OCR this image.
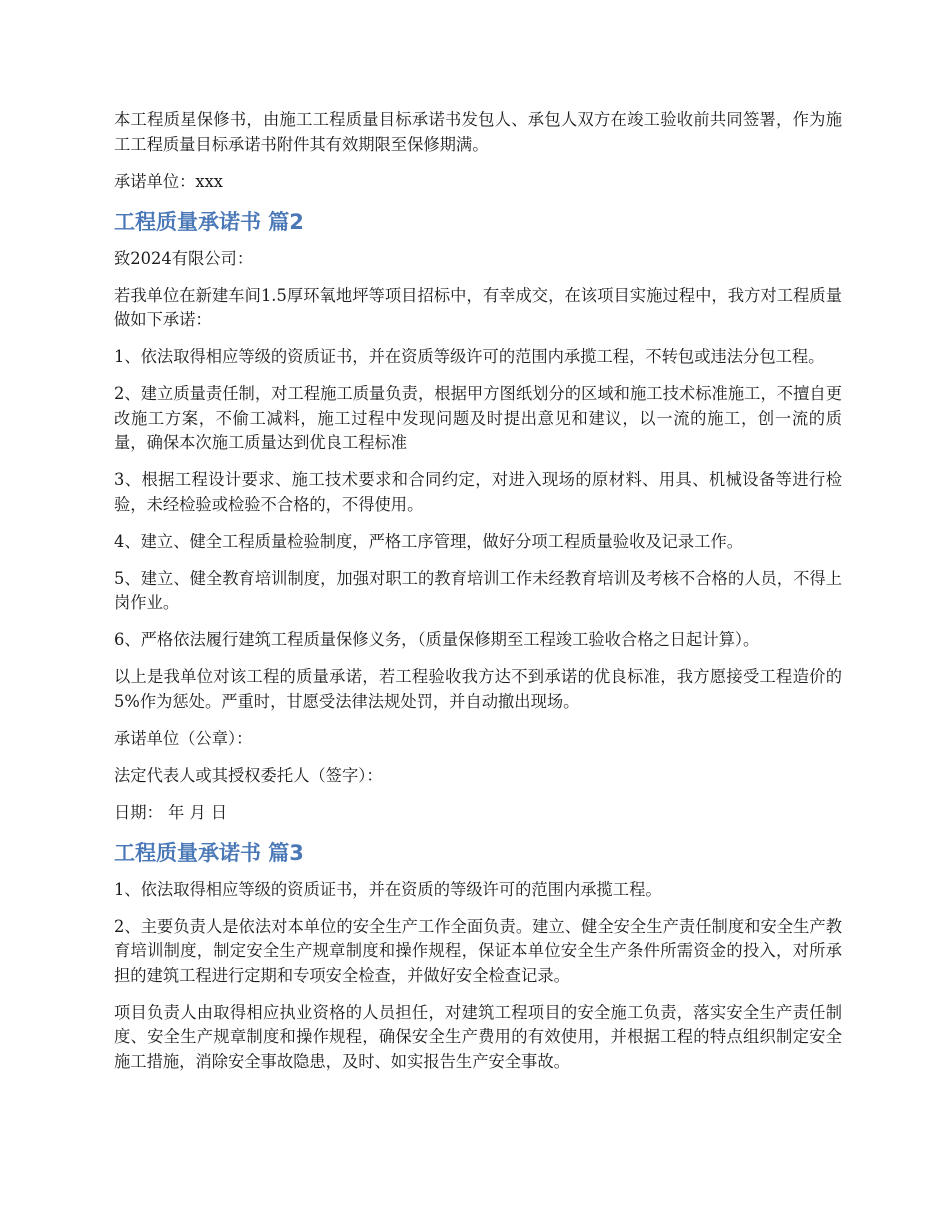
本工程质星保修书，由施工工程质量目标承诺书发包人、承包人双方在竣工验收前共同签署，作为施工工程质量目标承诺书附件其有效期限至保修期满。

承诺单位：xxx

工程质量承诺书 篇2

致2024有限公司：

若我单位在新建车间1.5厚环氧地坪等项目招标中，有幸成交，在该项目实施过程中，我方对工程质量做如下承诺：

1、依法取得相应等级的资质证书，并在资质等级许可的范围内承揽工程，不转包或违法分包工程。

2、建立质量责任制，对工程施工质量负责，根据甲方图纸划分的区域和施工技术标准施工，不擅自更改施工方案，不偷工减料，施工过程中发现问题及时提出意见和建议，以一流的施工，创一流的质量，确保本次施工质量达到优良工程标准

3、根据工程设计要求、施工技术要求和合同约定，对进入现场的原材料、用具、机械设备等进行检验，未经检验或检验不合格的，不得使用。

4、建立、健全工程质量检验制度，严格工序管理，做好分项工程质量验收及记录工作。

5、建立、健全教育培训制度，加强对职工的教育培训工作未经教育培训及考核不合格的人员，不得上岗作业。

6、严格依法履行建筑工程质量保修义务，（质量保修期至工程竣工验收合格之日起计算）。

以上是我单位对该工程的质量承诺，若工程验收我方达不到承诺的优良标准，我方愿接受工程造价的5%作为惩处。严重时，甘愿受法律法规处罚，并自动撤出现场。

承诺单位（公章）：

法定代表人或其授权委托人（签字）：

日期： 年 月 日

工程质量承诺书 篇3

1、依法取得相应等级的资质证书，并在资质的等级许可的范围内承揽工程。

2、主要负责人是依法对本单位的安全生产工作全面负责。建立、健全安全生产责任制度和安全生产教育培训制度，制定安全生产规章制度和操作规程，保证本单位安全生产条件所需资金的投入，对所承担的建筑工程进行定期和专项安全检查，并做好安全检查记录。

项目负责人由取得相应执业资格的人员担任，对建筑工程项目的安全施工负责，落实安全生产责任制度、安全生产规章制度和操作规程，确保安全生产费用的有效使用，并根据工程的特点组织制定安全施工措施，消除安全事故隐患，及时、如实报告生产安全事故。
